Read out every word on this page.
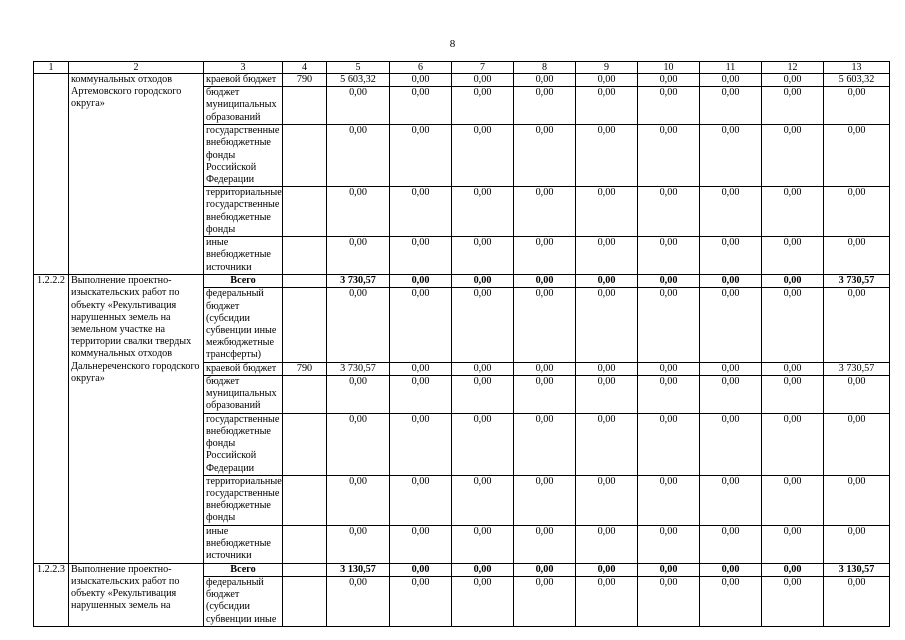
8
1	2	3	4	5	6	7	8	9	10	11	12	13
	коммунальных отходов Артемовского городского округа»	краевой бюджет	790	5 603,32	0,00	0,00	0,00	0,00	0,00	0,00	0,00	5 603,32
		бюджет муниципальных образований		0,00	0,00	0,00	0,00	0,00	0,00	0,00	0,00	0,00
		государственные внебюджетные фонды Российской Федерации		0,00	0,00	0,00	0,00	0,00	0,00	0,00	0,00	0,00
		территориальные государственные внебюджетные фонды		0,00	0,00	0,00	0,00	0,00	0,00	0,00	0,00	0,00
		иные внебюджетные источники		0,00	0,00	0,00	0,00	0,00	0,00	0,00	0,00	0,00
1.2.2.2	Выполнение проектно-изыскательских работ по объекту «Рекультивация нарушенных земель на земельном участке на территории свалки твердых коммунальных отходов Дальнереченского городского округа»	Всего		3 730,57	0,00	0,00	0,00	0,00	0,00	0,00	0,00	3 730,57
		федеральный бюджет (субсидии субвенции иные межбюджетные трансферты)		0,00	0,00	0,00	0,00	0,00	0,00	0,00	0,00	0,00
		краевой бюджет	790	3 730,57	0,00	0,00	0,00	0,00	0,00	0,00	0,00	3 730,57
		бюджет муниципальных образований		0,00	0,00	0,00	0,00	0,00	0,00	0,00	0,00	0,00
		государственные внебюджетные фонды Российской Федерации		0,00	0,00	0,00	0,00	0,00	0,00	0,00	0,00	0,00
		территориальные государственные внебюджетные фонды		0,00	0,00	0,00	0,00	0,00	0,00	0,00	0,00	0,00
		иные внебюджетные источники		0,00	0,00	0,00	0,00	0,00	0,00	0,00	0,00	0,00
1.2.2.3	Выполнение проектно-изыскательских работ по объекту «Рекультивация нарушенных земель на	Всего		3 130,57	0,00	0,00	0,00	0,00	0,00	0,00	0,00	3 130,57
		федеральный бюджет (субсидии субвенции иные		0,00	0,00	0,00	0,00	0,00	0,00	0,00	0,00	0,00
